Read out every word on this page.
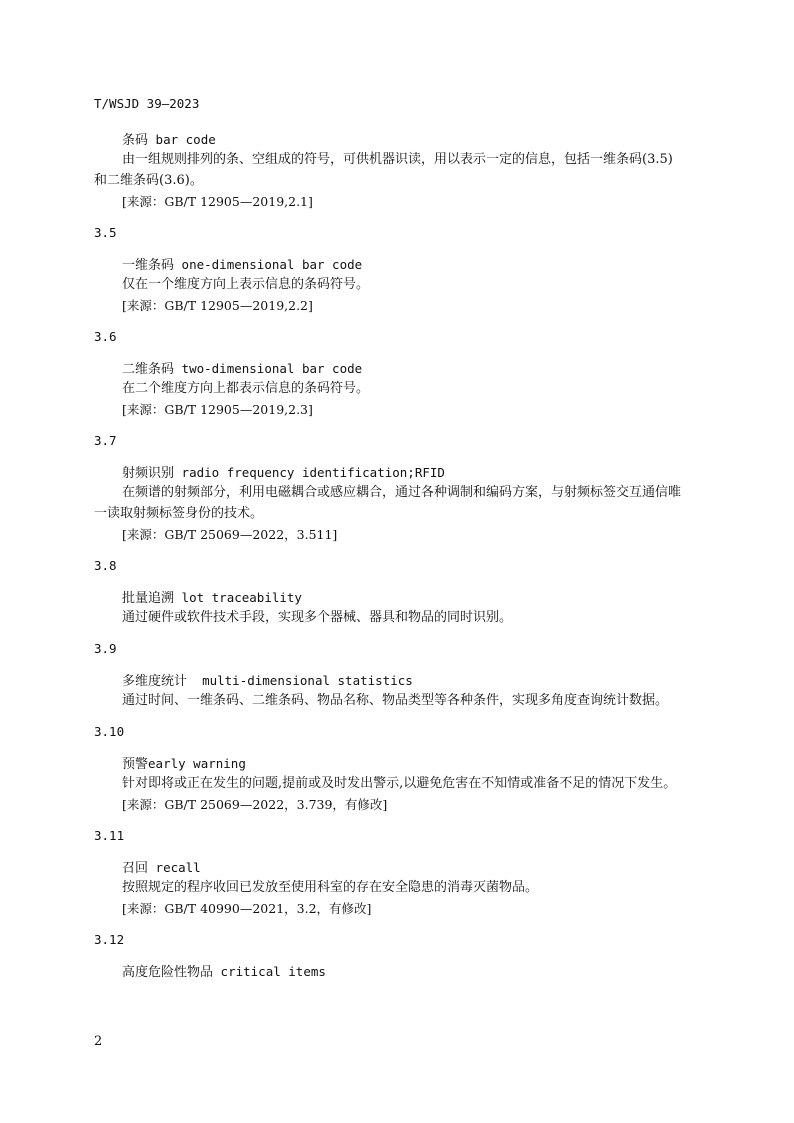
T/WSJD 39—2023
条码 bar code
由一组规则排列的条、空组成的符号，可供机器识读，用以表示一定的信息，包括一维条码(3.5)
和二维条码(3.6)。
[来源：GB/T 12905—2019,2.1]
3.5
一维条码 one-dimensional bar code
仅在一个维度方向上表示信息的条码符号。
[来源：GB/T 12905—2019,2.2]
3.6
二维条码 two-dimensional bar code
在二个维度方向上都表示信息的条码符号。
[来源：GB/T 12905—2019,2.3]
3.7
射频识别 radio frequency identification;RFID
在频谱的射频部分，利用电磁耦合或感应耦合，通过各种调制和编码方案，与射频标签交互通信唯
一读取射频标签身份的技术。
[来源：GB/T 25069—2022，3.511]
3.8
批量追溯 lot traceability
通过硬件或软件技术手段，实现多个器械、器具和物品的同时识别。
3.9
多维度统计  multi-dimensional statistics
通过时间、一维条码、二维条码、物品名称、物品类型等各种条件，实现多角度查询统计数据。
3.10
预警early warning
针对即将或正在发生的问题,提前或及时发出警示,以避免危害在不知情或准备不足的情况下发生。
[来源：GB/T 25069—2022，3.739，有修改]
3.11
召回 recall
按照规定的程序收回已发放至使用科室的存在安全隐患的消毒灭菌物品。
[来源：GB/T 40990—2021，3.2，有修改]
3.12
高度危险性物品 critical items
2
